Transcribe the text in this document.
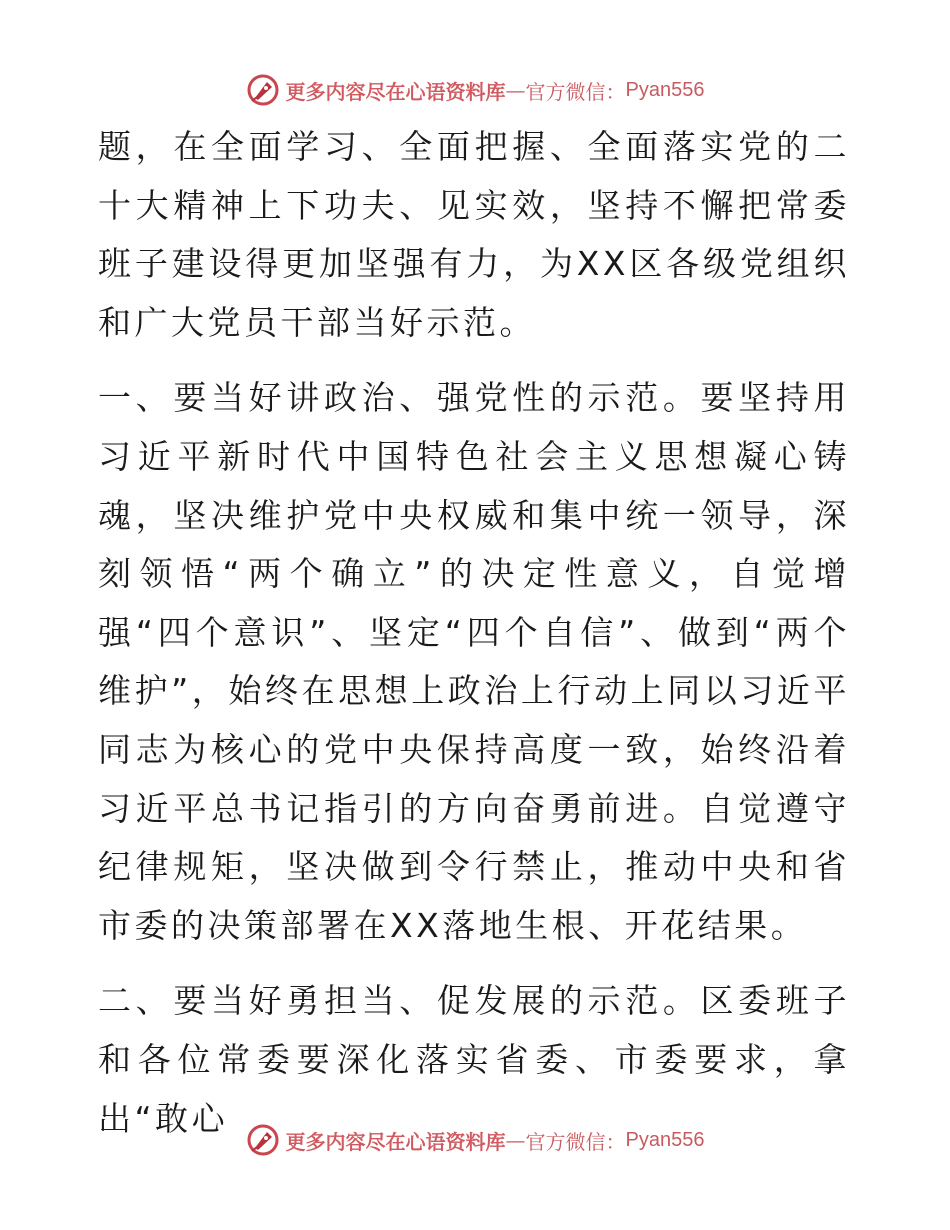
更多内容尽在心语资料库 — 官方微信： Pyan556

题，在全面学习、全面把握、全面落实党的二十大精神上下功夫、见实效，坚持不懈把常委班子建设得更加坚强有力，为XX区各级党组织和广大党员干部当好示范。

一、要当好讲政治、强党性的示范。要坚持用习近平新时代中国特色社会主义思想凝心铸魂，坚决维护党中央权威和集中统一领导，深刻领悟“两个确立”的决定性意义，自觉增强“四个意识”、坚定“四个自信”、做到“两个维护”，始终在思想上政治上行动上同以习近平同志为核心的党中央保持高度一致，始终沿着习近平总书记指引的方向奋勇前进。自觉遵守纪律规矩，坚决做到令行禁止，推动中央和省市委的决策部署在XX落地生根、开花结果。

二、要当好勇担当、促发展的示范。区委班子和各位常委要深化落实省委、市委要求，拿出“敢心

更多内容尽在心语资料库 — 官方微信： Pyan556
